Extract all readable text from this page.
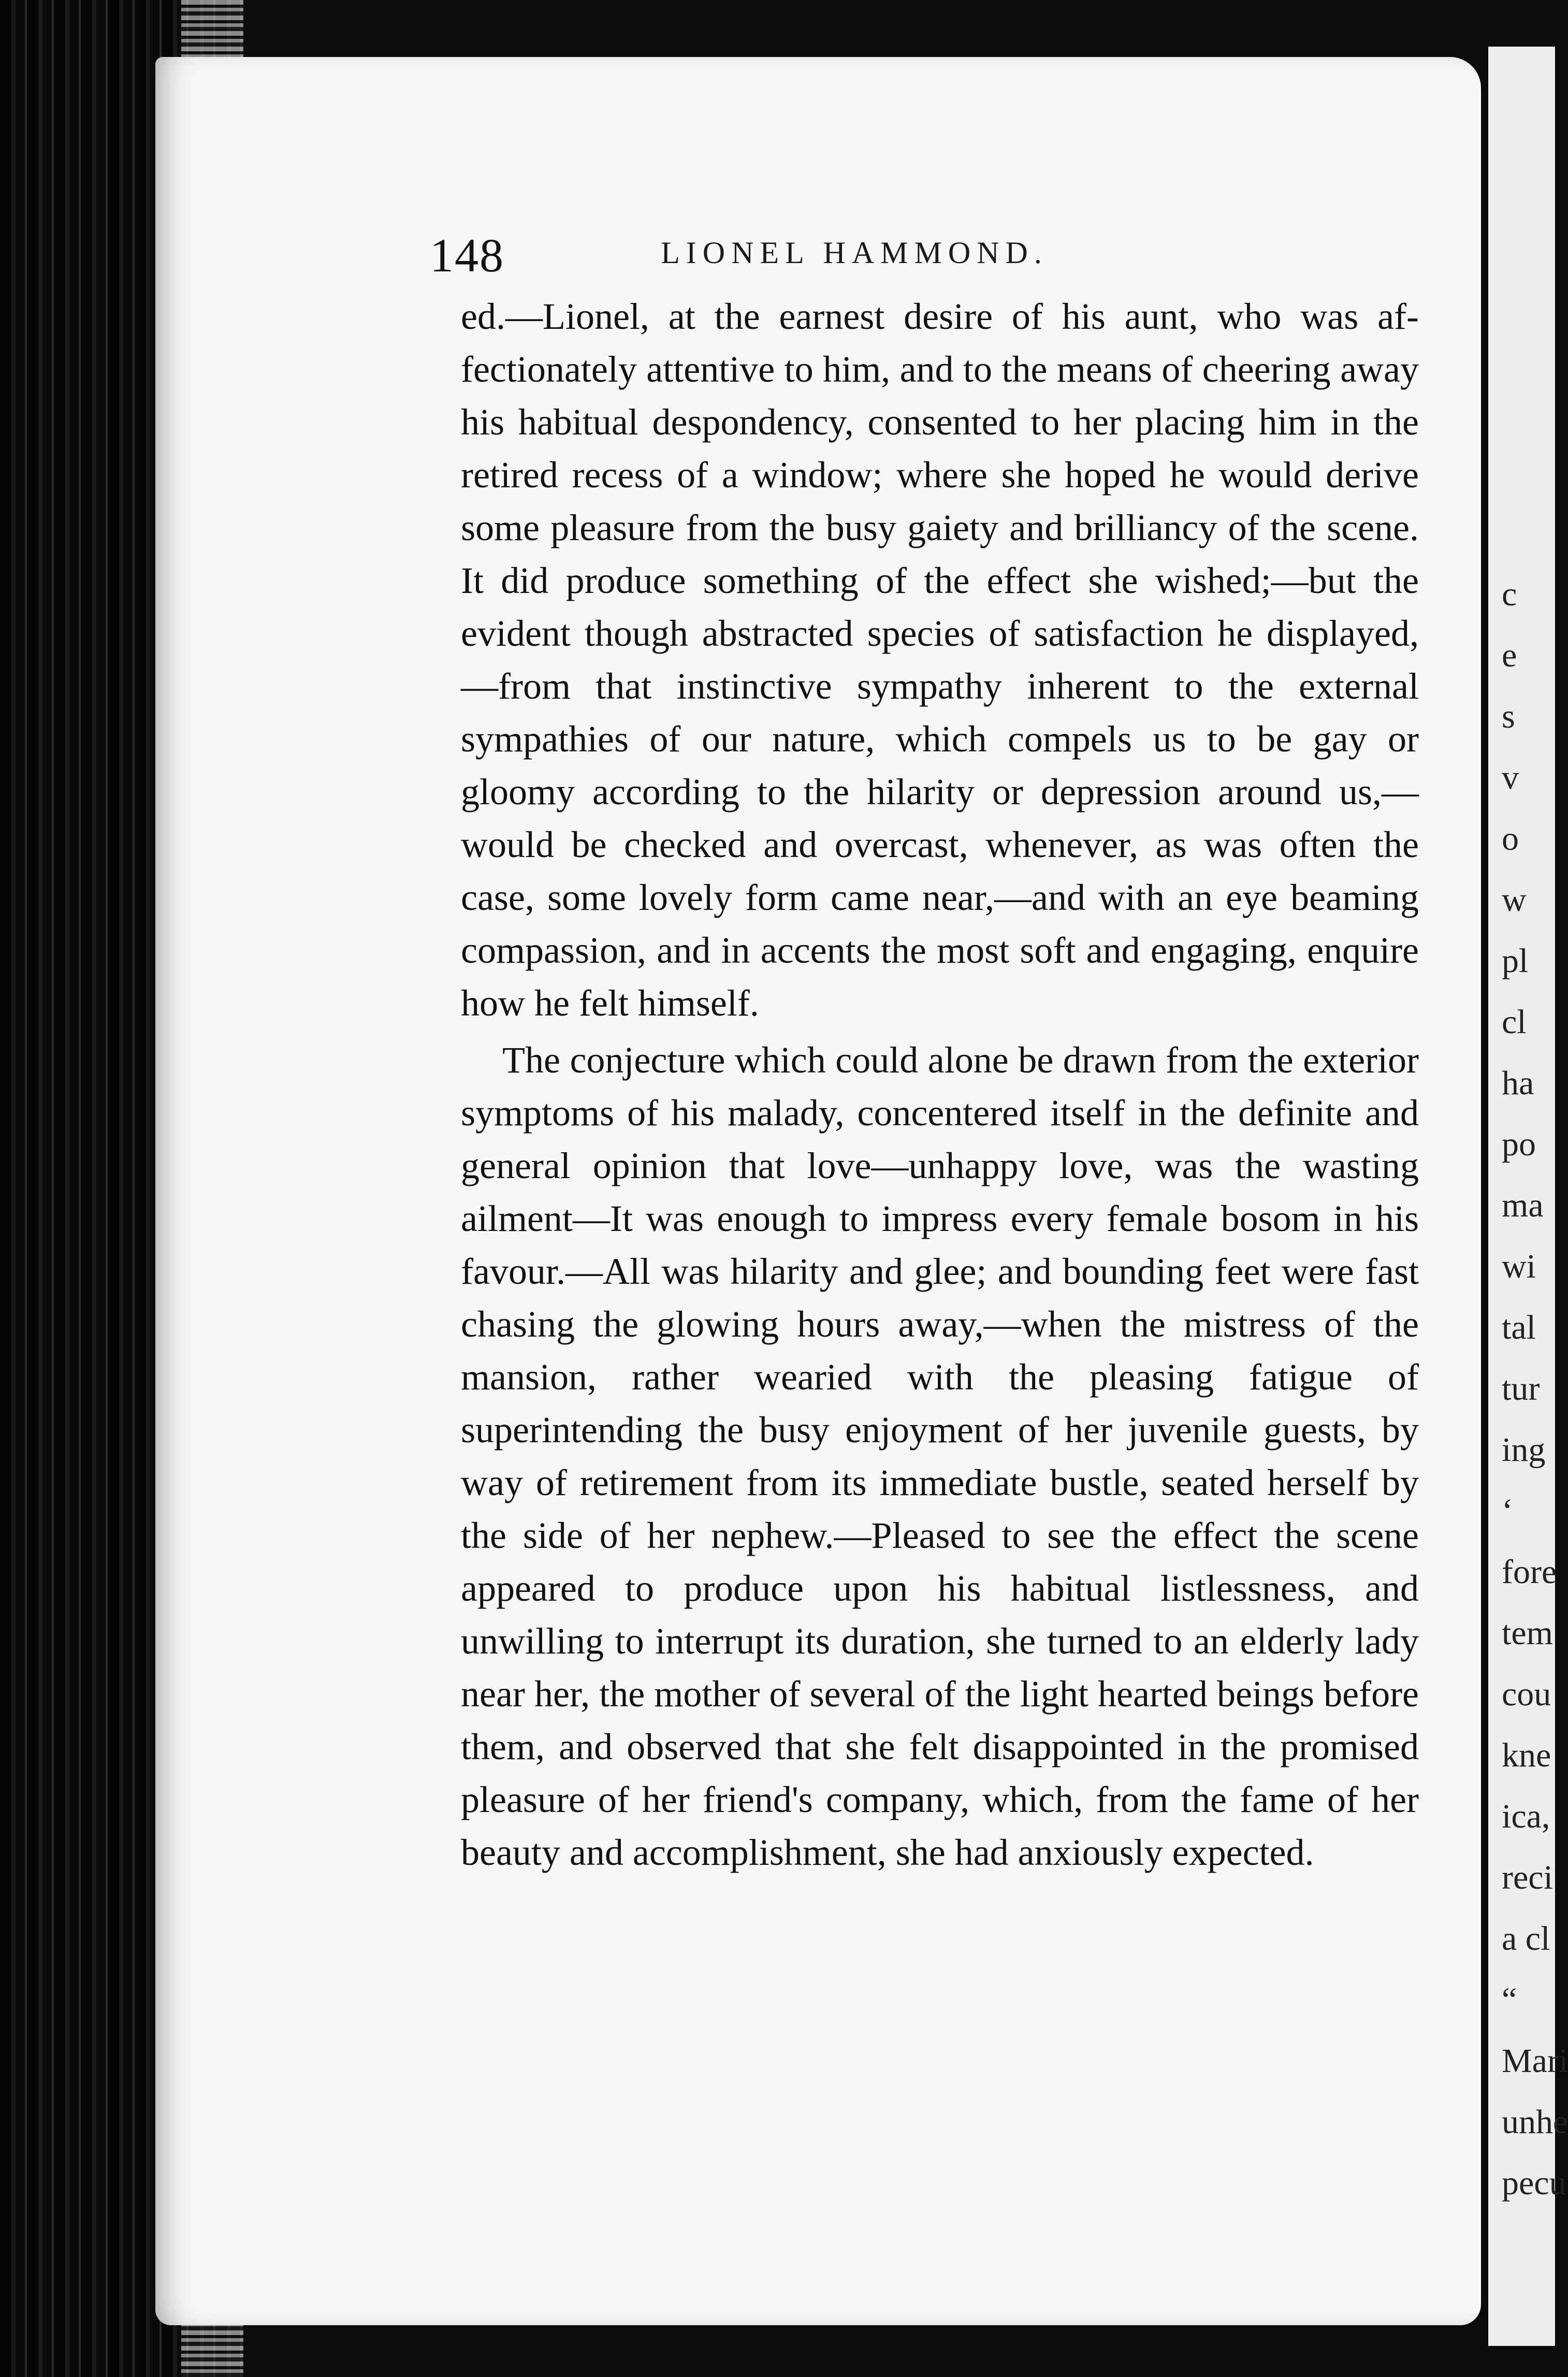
148	LIONEL HAMMOND.

ed.—Lionel, at the earnest desire of his aunt, who was affectionately attentive to him, and to the means of cheering away his habitual despondency, consented to her placing him in the retired recess of a window; where she hoped he would derive some pleasure from the busy gaiety and brilliancy of the scene. It did produce something of the effect she wished;—but the evident though abstracted species of satisfaction he displayed,—from that instinctive sympathy inherent to the external sympathies of our nature, which compels us to be gay or gloomy according to the hilarity or depression around us,—would be checked and overcast, whenever, as was often the case, some lovely form came near,—and with an eye beaming compassion, and in accents the most soft and engaging, enquire how he felt himself.

The conjecture which could alone be drawn from the exterior symptoms of his malady, concentered itself in the definite and general opinion that love—unhappy love, was the wasting ailment—It was enough to impress every female bosom in his favour.—All was hilarity and glee; and bounding feet were fast chasing the glowing hours away,—when the mistress of the mansion, rather wearied with the pleasing fatigue of superintending the busy enjoyment of her juvenile guests, by way of retirement from its immediate bustle, seated herself by the side of her nephew.—Pleased to see the effect the scene appeared to produce upon his habitual listlessness, and unwilling to interrupt its duration, she turned to an elderly lady near her, the mother of several of the light hearted beings before them, and observed that she felt disappointed in the promised pleasure of her friend's company, which, from the fame of her beauty and accomplishment, she had anxiously expected.

c
e
s
v
o
w
pl
cl
ha
po
ma
wi
tal
tur
ing
‘
fore
tem
cou
kne
ica,
reci
a cl
“
Mari
unhe
pecu
